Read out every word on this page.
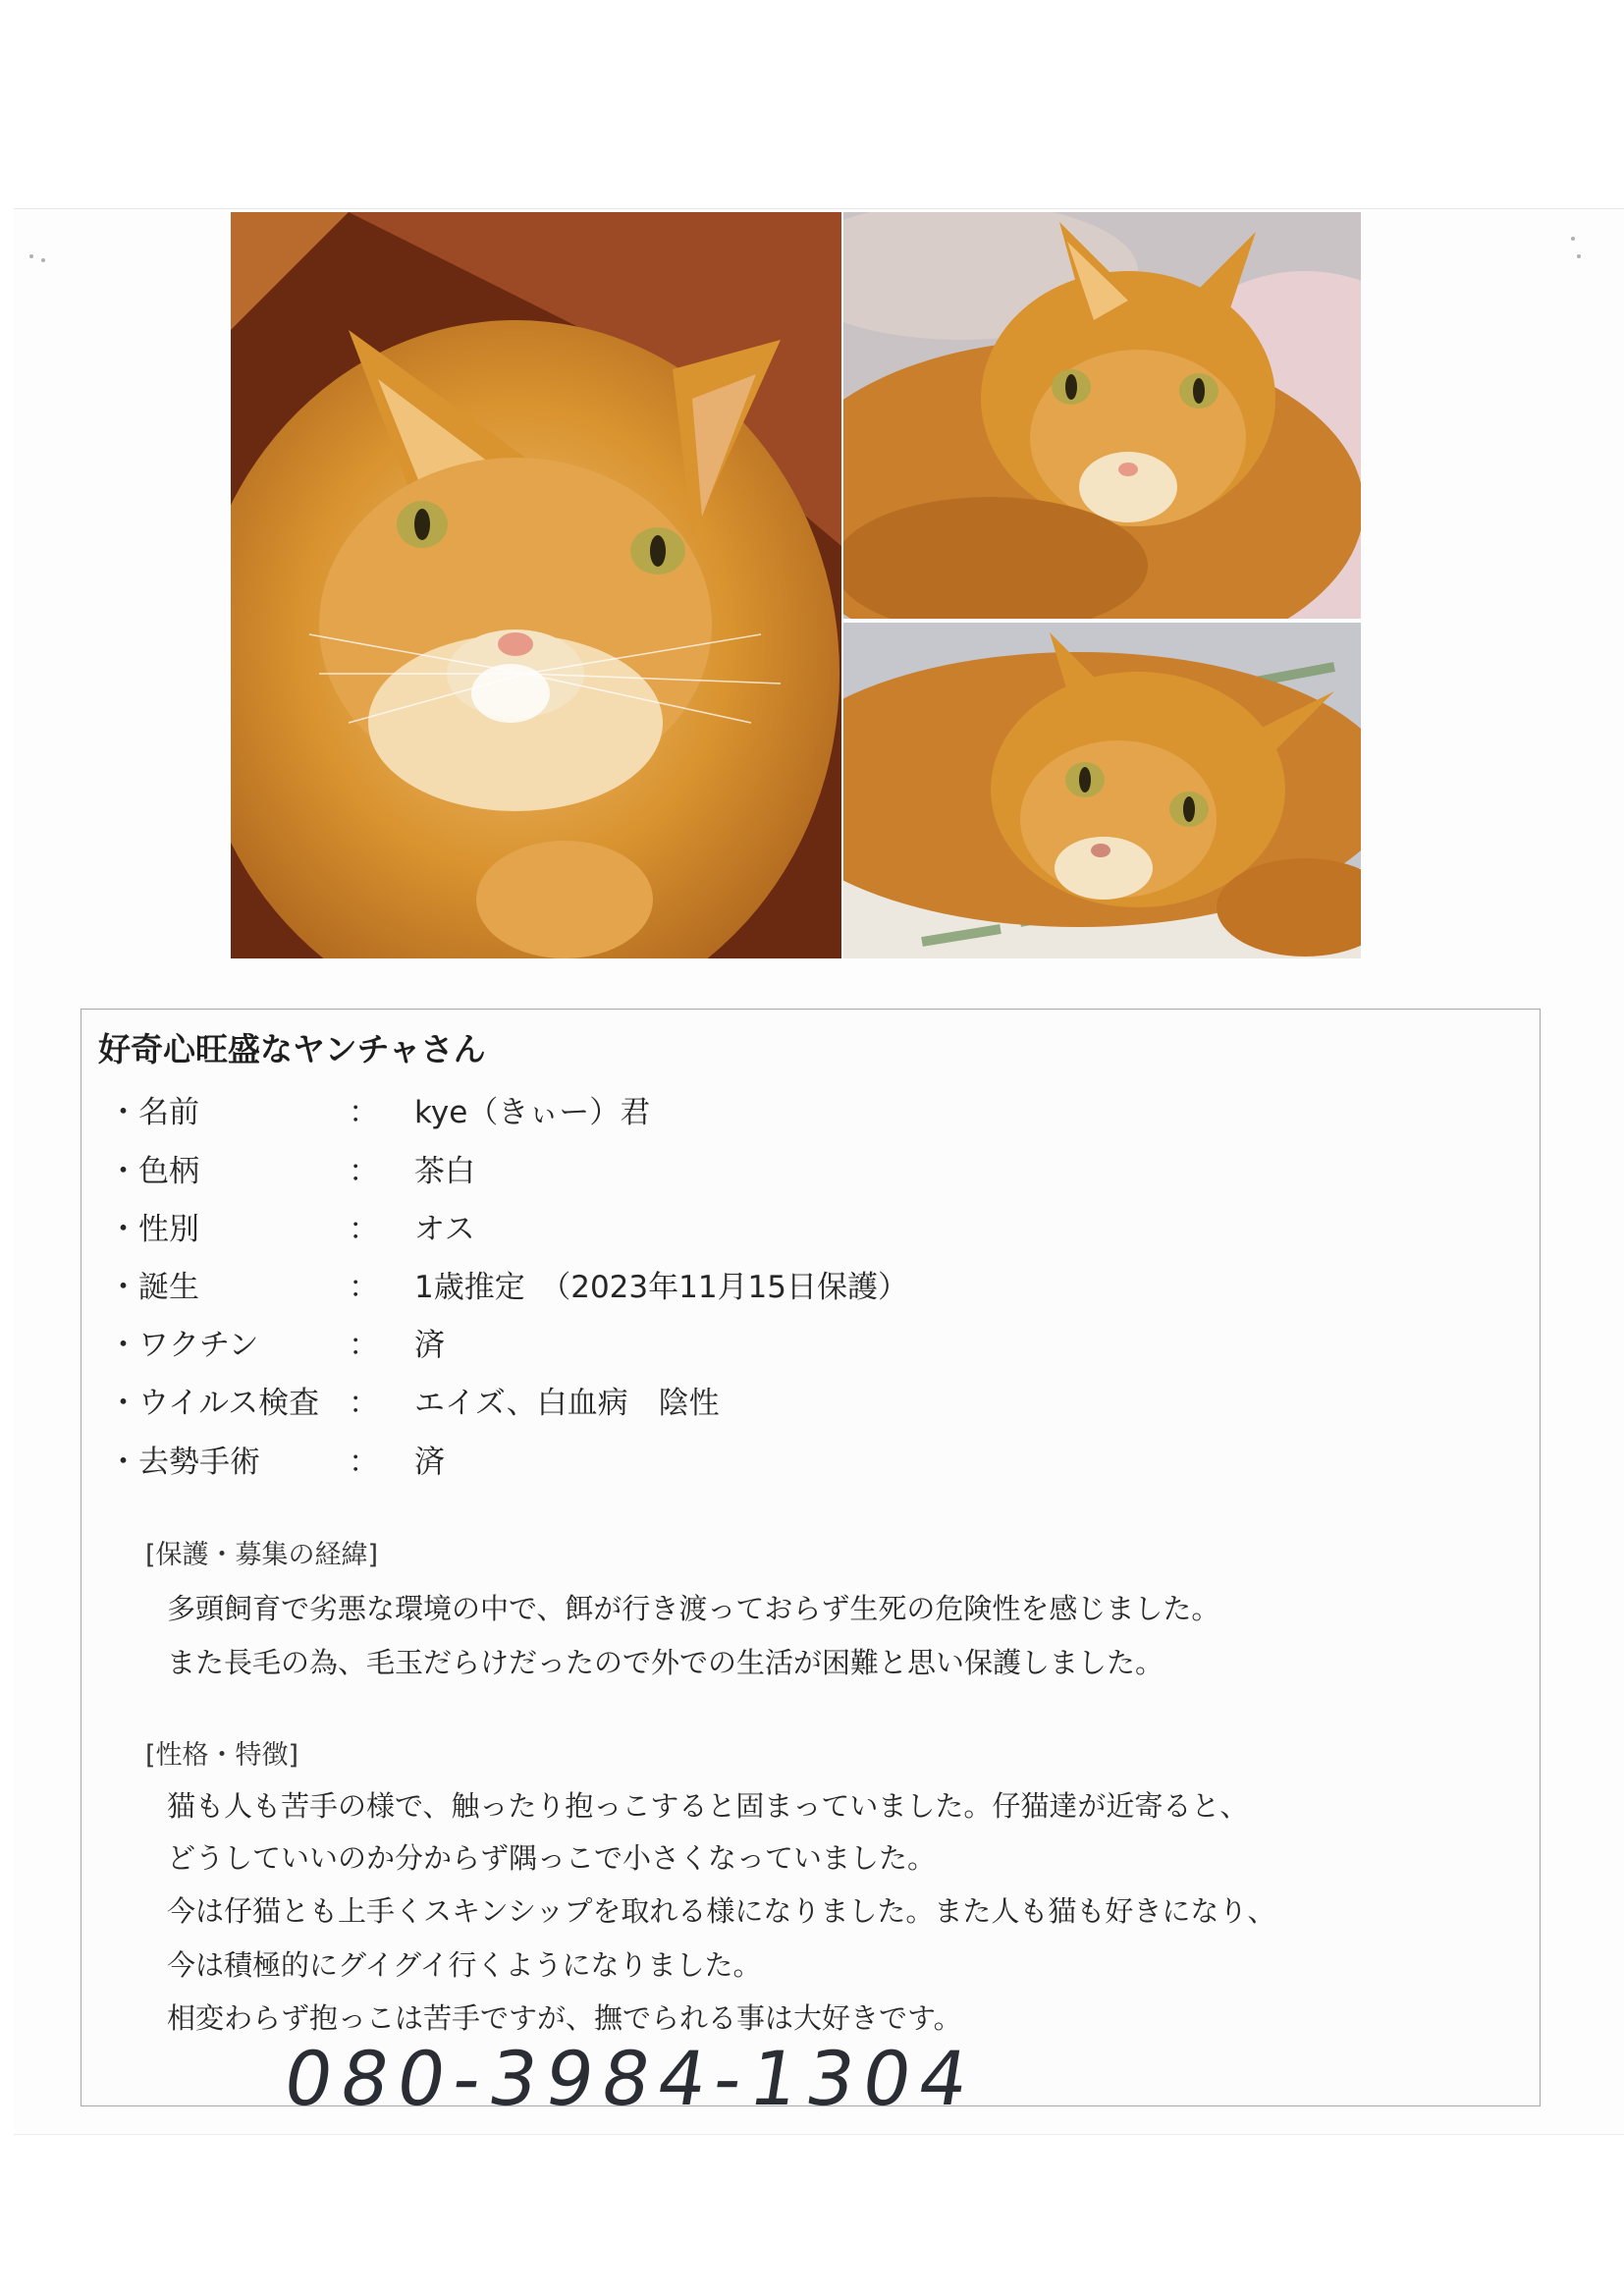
好奇心旺盛なヤンチャさん
・名前	： kye（きぃー）君
・色柄	： 茶白
・性別	： オス
・誕生	： 1歳推定　（2023年11月15日保護）
・ワクチン	： 済
・ウイルス検査 ： エイズ、白血病　陰性
・去勢手術	： 済
[保護・募集の経緯]
多頭飼育で劣悪な環境の中で、餌が行き渡っておらず生死の危険性を感じました。
また長毛の為、毛玉だらけだったので外での生活が困難と思い保護しました。
[性格・特徴]
猫も人も苦手の様で、触ったり抱っこすると固まっていました。仔猫達が近寄ると、
どうしていいのか分からず隅っこで小さくなっていました。
今は仔猫とも上手くスキンシップを取れる様になりました。また人も猫も好きになり、
今は積極的にグイグイ行くようになりました。
相変わらず抱っこは苦手ですが、撫でられる事は大好きです。
080-3984-1304
